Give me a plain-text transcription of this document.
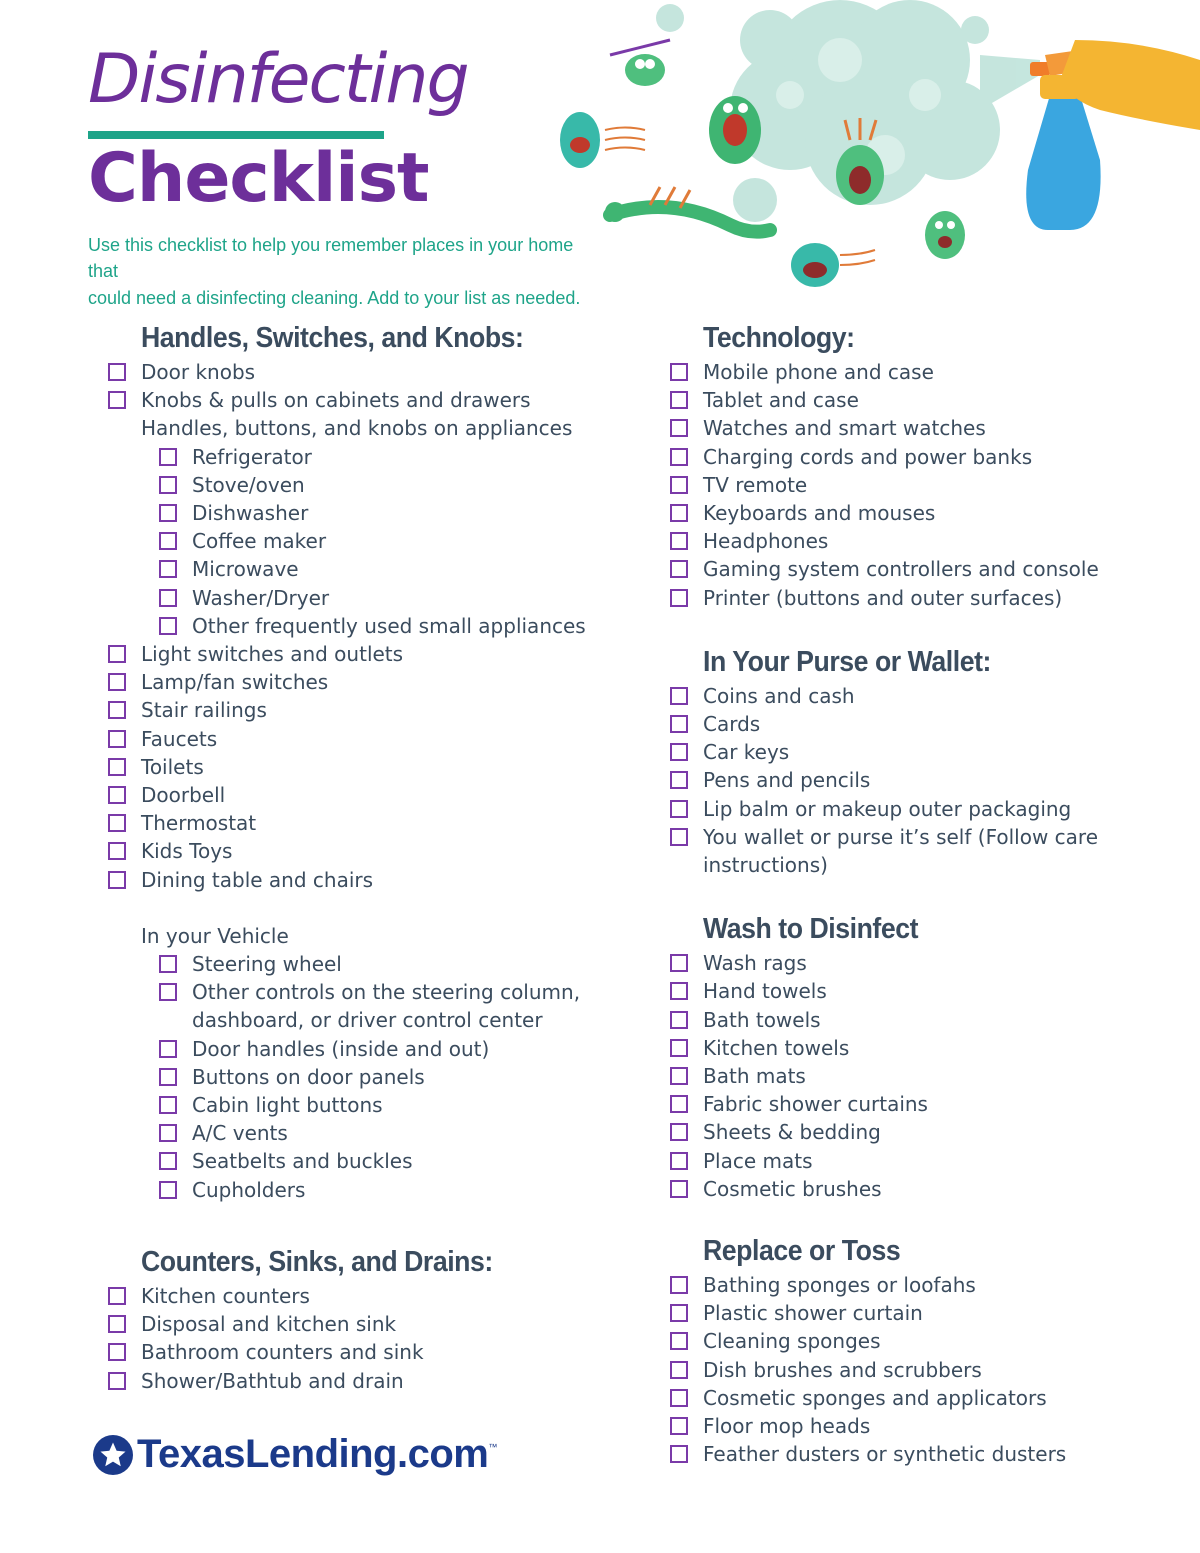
Disinfecting
Checklist
Use this checklist to help you remember places in your home that
could need a disinfecting cleaning. Add to your list as needed.
Handles, Switches, and Knobs:
Door knobs
Knobs & pulls on cabinets and drawers
Handles, buttons, and knobs on appliances
Refrigerator
Stove/oven
Dishwasher
Coffee maker
Microwave
Washer/Dryer
Other frequently used small appliances
Light switches and outlets
Lamp/fan switches
Stair railings
Faucets
Toilets
Doorbell
Thermostat
Kids Toys
Dining table and chairs
In your Vehicle
Steering wheel
Other controls on the steering column, dashboard, or driver control center
Door handles (inside and out)
Buttons on door panels
Cabin light buttons
A/C vents
Seatbelts and buckles
Cupholders
Counters, Sinks, and Drains:
Kitchen counters
Disposal and kitchen sink
Bathroom counters and sink
Shower/Bathtub and drain
Technology:
Mobile phone and case
Tablet and case
Watches and smart watches
Charging cords and power banks
TV remote
Keyboards and mouses
Headphones
Gaming system controllers and console
Printer (buttons and outer surfaces)
In Your Purse or Wallet:
Coins and cash
Cards
Car keys
Pens and pencils
Lip balm or makeup outer packaging
You wallet or purse it’s self (Follow care instructions)
Wash to Disinfect
Wash rags
Hand towels
Bath towels
Kitchen towels
Bath mats
Fabric shower curtains
Sheets & bedding
Place mats
Cosmetic brushes
Replace or Toss
Bathing sponges or loofahs
Plastic shower curtain
Cleaning sponges
Dish brushes and scrubbers
Cosmetic sponges and applicators
Floor mop heads
Feather dusters or synthetic dusters
TexasLending.com ™
